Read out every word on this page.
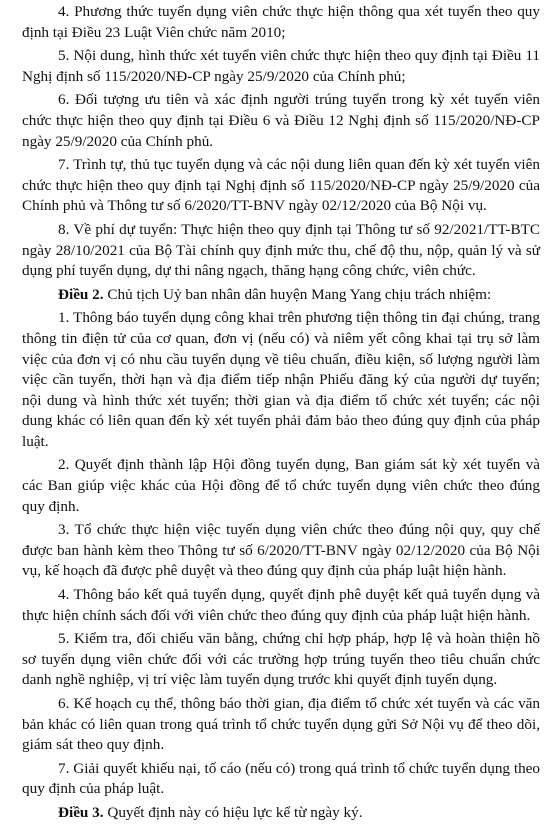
4. Phương thức tuyển dụng viên chức thực hiện thông qua xét tuyển theo quy định tại Điều 23 Luật Viên chức năm 2010;

5. Nội dung, hình thức xét tuyển viên chức thực hiện theo quy định tại Điều 11 Nghị định số 115/2020/NĐ-CP ngày 25/9/2020 của Chính phủ;

6. Đối tượng ưu tiên và xác định người trúng tuyển trong kỳ xét tuyển viên chức thực hiện theo quy định tại Điều 6 và Điều 12 Nghị định số 115/2020/NĐ-CP ngày 25/9/2020 của Chính phủ.

7. Trình tự, thủ tục tuyển dụng và các nội dung liên quan đến kỳ xét tuyển viên chức thực hiện theo quy định tại Nghị định số 115/2020/NĐ-CP ngày 25/9/2020 của Chính phủ và Thông tư số 6/2020/TT-BNV ngày 02/12/2020 của Bộ Nội vụ.

8. Về phí dự tuyển: Thực hiện theo quy định tại Thông tư số 92/2021/TT-BTC ngày 28/10/2021 của Bộ Tài chính quy định mức thu, chế độ thu, nộp, quản lý và sử dụng phí tuyển dụng, dự thi nâng ngạch, thăng hạng công chức, viên chức.

Điều 2. Chủ tịch Uỷ ban nhân dân huyện Mang Yang chịu trách nhiệm:

1. Thông báo tuyển dụng công khai trên phương tiện thông tin đại chúng, trang thông tin điện tử của cơ quan, đơn vị (nếu có) và niêm yết công khai tại trụ sở làm việc của đơn vị có nhu cầu tuyển dụng về tiêu chuẩn, điều kiện, số lượng người làm việc cần tuyển, thời hạn và địa điểm tiếp nhận Phiếu đăng ký của người dự tuyển; nội dung và hình thức xét tuyển; thời gian và địa điểm tổ chức xét tuyển; các nội dung khác có liên quan đến kỳ xét tuyển phải đảm bảo theo đúng quy định của pháp luật.

2. Quyết định thành lập Hội đồng tuyển dụng, Ban giám sát kỳ xét tuyển và các Ban giúp việc khác của Hội đồng để tổ chức tuyển dụng viên chức theo đúng quy định.

3. Tổ chức thực hiện việc tuyển dụng viên chức theo đúng nội quy, quy chế được ban hành kèm theo Thông tư số 6/2020/TT-BNV ngày 02/12/2020 của Bộ Nội vụ, kế hoạch đã được phê duyệt và theo đúng quy định của pháp luật hiện hành.

4. Thông báo kết quả tuyển dụng, quyết định phê duyệt kết quả tuyển dụng và thực hiện chính sách đối với viên chức theo đúng quy định của pháp luật hiện hành.

5. Kiểm tra, đối chiếu văn bằng, chứng chỉ hợp pháp, hợp lệ và hoàn thiện hồ sơ tuyển dụng viên chức đối với các trường hợp trúng tuyển theo tiêu chuẩn chức danh nghề nghiệp, vị trí việc làm tuyển dụng trước khi quyết định tuyển dụng.

6. Kế hoạch cụ thể, thông báo thời gian, địa điểm tổ chức xét tuyển và các văn bản khác có liên quan trong quá trình tổ chức tuyển dụng gửi Sở Nội vụ để theo dõi, giám sát theo quy định.

7. Giải quyết khiếu nại, tố cáo (nếu có) trong quá trình tổ chức tuyển dụng theo quy định của pháp luật.

Điều 3. Quyết định này có hiệu lực kể từ ngày ký.
